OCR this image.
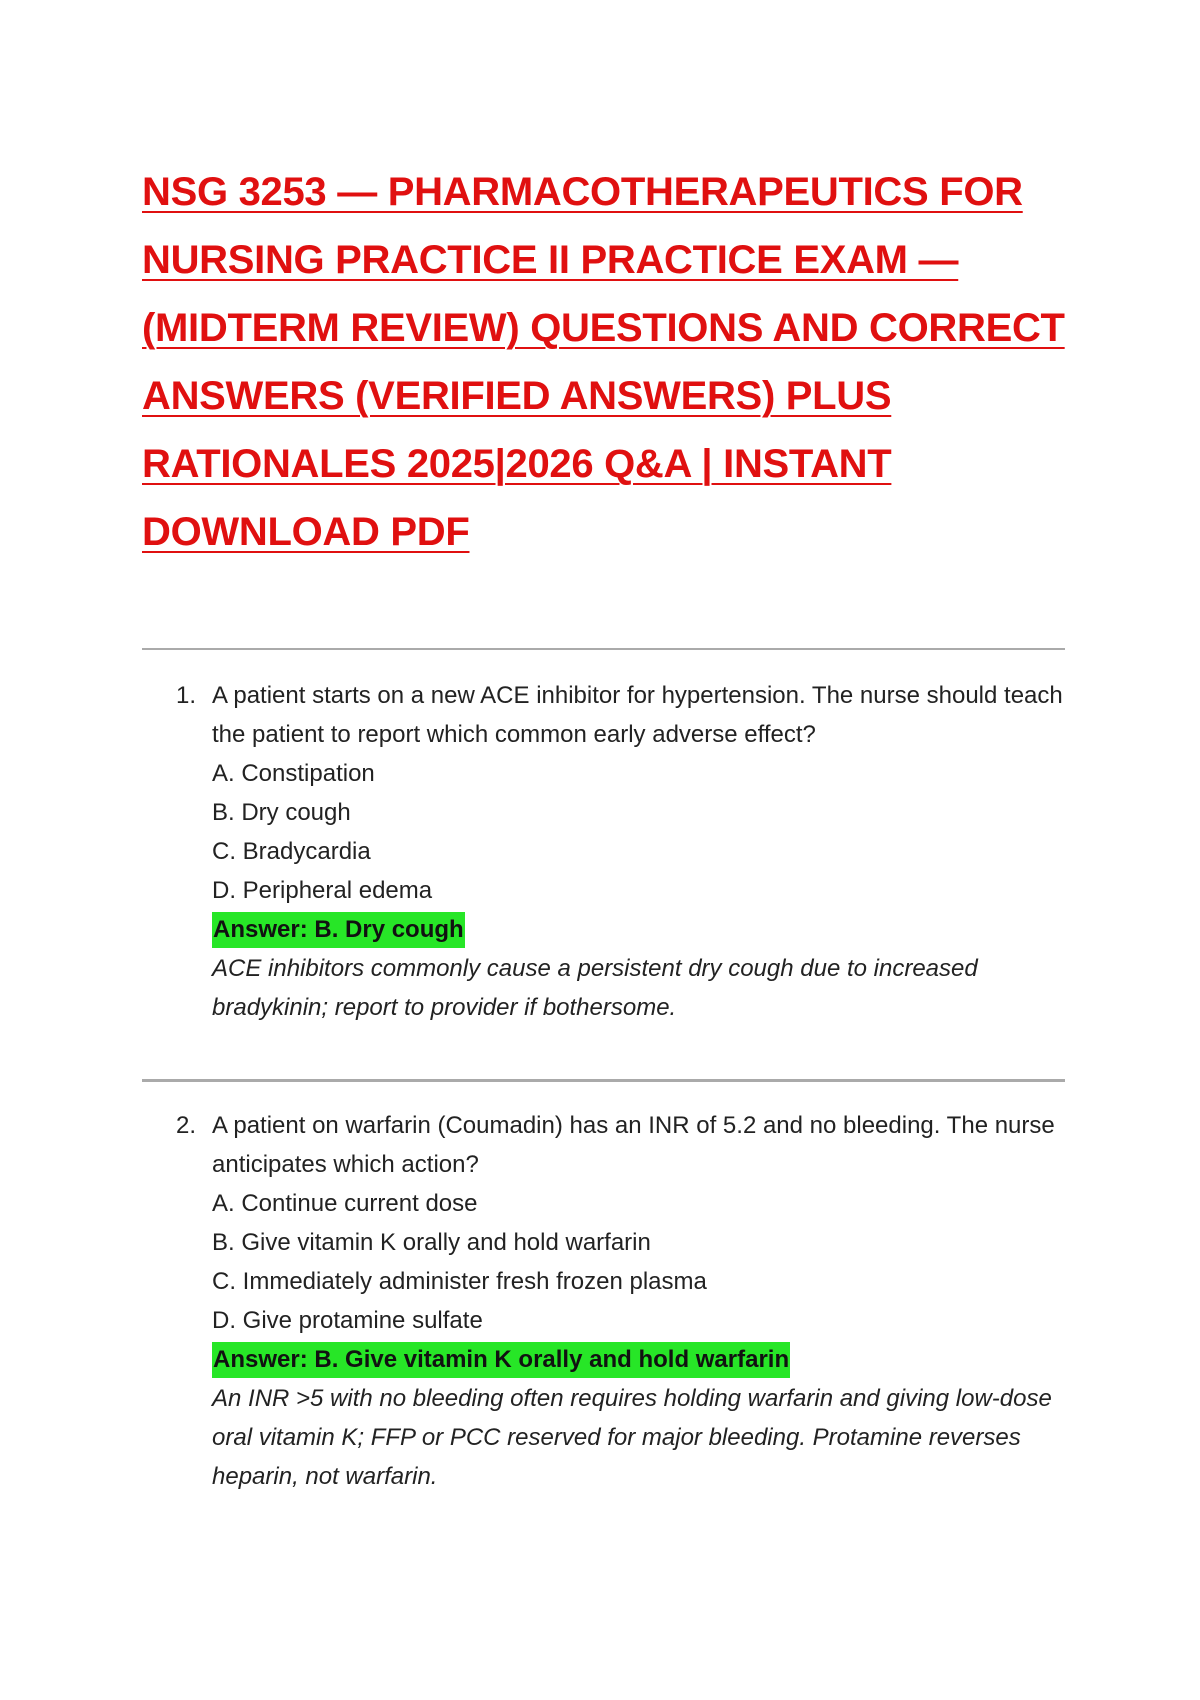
NSG 3253 — PHARMACOTHERAPEUTICS FOR NURSING PRACTICE II PRACTICE EXAM — (MIDTERM REVIEW) QUESTIONS AND CORRECT ANSWERS (VERIFIED ANSWERS) PLUS RATIONALES 2025|2026 Q&A | INSTANT DOWNLOAD PDF
1. A patient starts on a new ACE inhibitor for hypertension. The nurse should teach the patient to report which common early adverse effect?
A. Constipation
B. Dry cough
C. Bradycardia
D. Peripheral edema
Answer: B. Dry cough
ACE inhibitors commonly cause a persistent dry cough due to increased bradykinin; report to provider if bothersome.
2. A patient on warfarin (Coumadin) has an INR of 5.2 and no bleeding. The nurse anticipates which action?
A. Continue current dose
B. Give vitamin K orally and hold warfarin
C. Immediately administer fresh frozen plasma
D. Give protamine sulfate
Answer: B. Give vitamin K orally and hold warfarin
An INR >5 with no bleeding often requires holding warfarin and giving low-dose oral vitamin K; FFP or PCC reserved for major bleeding. Protamine reverses heparin, not warfarin.
